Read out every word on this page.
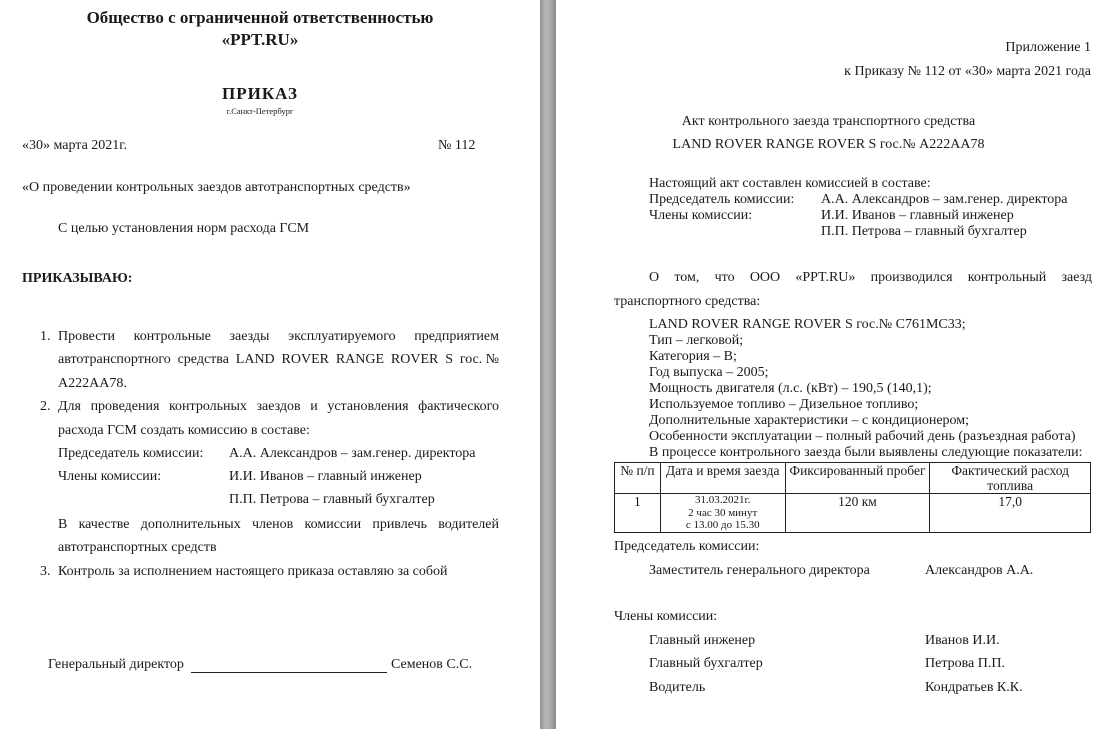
Общество с ограниченной ответственностью
«PPT.RU»
ПРИКАЗ
г.Санкт-Петербург
«30» марта 2021г.	№ 112
«О проведении контрольных заездов автотранспортных средств»
С целью установления норм расхода ГСМ
ПРИКАЗЫВАЮ:
1. Провести контрольные заезды эксплуатируемого предприятием
автотранспортного средства LAND ROVER RANGE ROVER S гос.№
А222АА78.
2. Для проведения контрольных заездов и установления фактического
расхода ГСМ создать комиссию в составе:
Председатель комиссии: А.А. Александров – зам.генер. директора
Члены комиссии:	И.И. Иванов – главный инженер
П.П. Петрова – главный бухгалтер
В качестве дополнительных членов комиссии привлечь водителей
автотранспортных средств
3. Контроль за исполнением настоящего приказа оставляю за собой
Генеральный директор	Семенов С.С.
Приложение 1
к Приказу № 112 от «30» марта 2021 года
Акт контрольного заезда транспортного средства
LAND ROVER RANGE ROVER S гос.№ А222АА78
Настоящий акт составлен комиссией в составе:
Председатель комиссии: А.А. Александров – зам.генер. директора
Члены комиссии:	И.И. Иванов – главный инженер
П.П. Петрова – главный бухгалтер
О том, что ООО «PPT.RU» производился контрольный заезд
транспортного средства:
LAND ROVER RANGE ROVER S гос.№ С761МС33;
Тип – легковой;
Категория – В;
Год выпуска – 2005;
Мощность двигателя (л.с. (кВт) – 190,5 (140,1);
Используемое топливо – Дизельное топливо;
Дополнительные характеристики – с кондиционером;
Особенности эксплуатации – полный рабочий день (разъездная работа)
В процессе контрольного заезда были выявлены следующие показатели:
№ п/п	Дата и время заезда	Фиксированный пробег	Фактический расход топлива
1	31.03.2021г.
2 час 30 минут
с 13.00 до 15.30
	120 км	17,0
Председатель комиссии:
Заместитель генерального директора	Александров А.А.
Члены комиссии:
Главный инженер	Иванов И.И.
Главный бухгалтер	Петрова П.П.
Водитель	Кондратьев К.К.
